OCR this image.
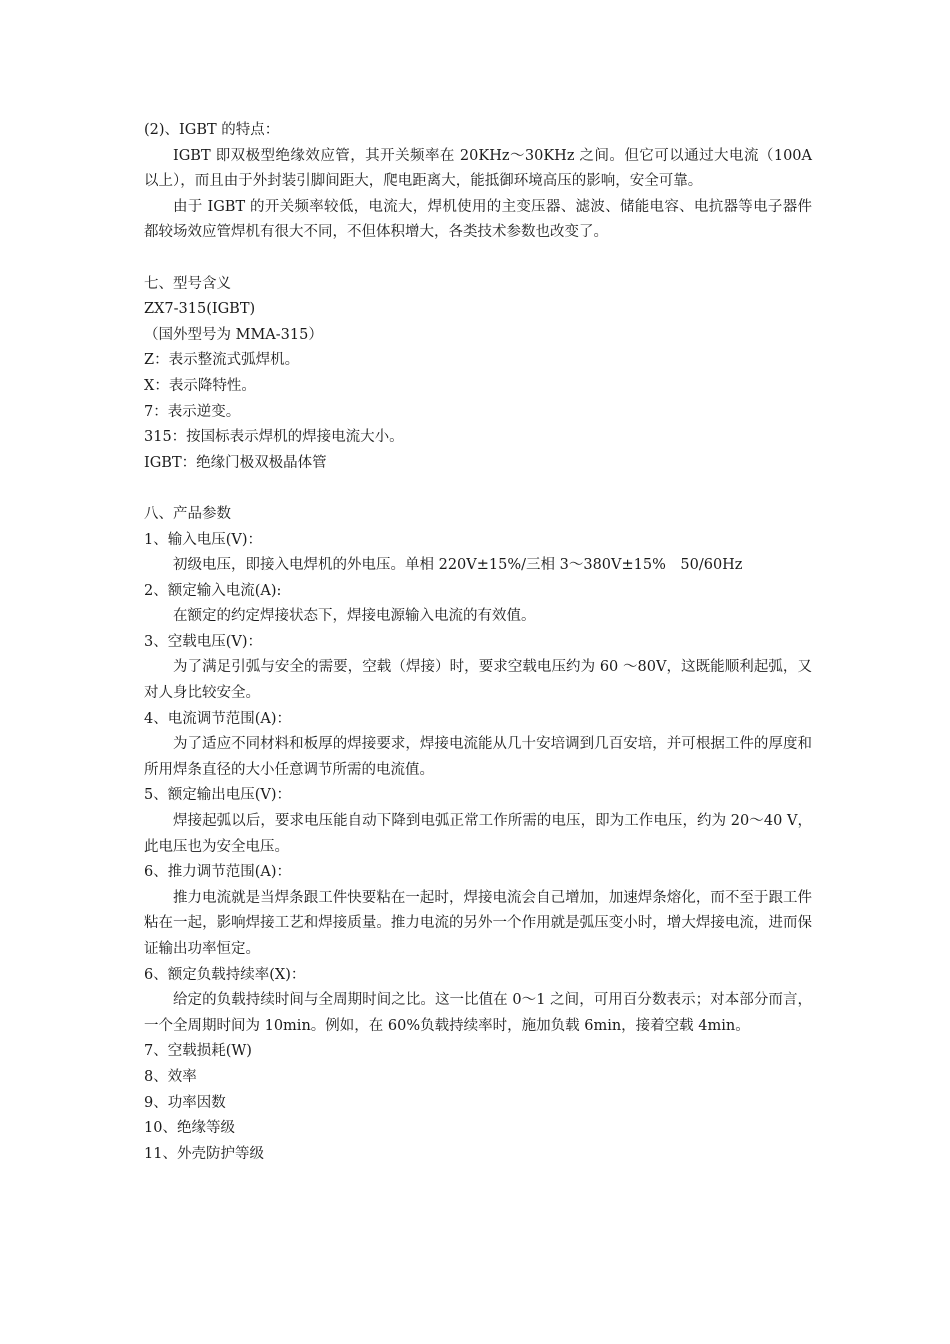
(2)、IGBT 的特点：
IGBT 即双极型绝缘效应管，其开关频率在 20KHz～30KHz 之间。但它可以通过大电流（100A 以上），而且由于外封装引脚间距大，爬电距离大，能抵御环境高压的影响，安全可靠。
由于 IGBT 的开关频率较低，电流大，焊机使用的主变压器、滤波、储能电容、电抗器等电子器件都较场效应管焊机有很大不同，不但体积增大，各类技术参数也改变了。
七、型号含义
ZX7-315(IGBT)
（国外型号为 MMA-315）
Z：表示整流式弧焊机。
X：表示降特性。
7：表示逆变。
315：按国标表示焊机的焊接电流大小。
IGBT：绝缘门极双极晶体管
八、产品参数
1、输入电压(V)：
初级电压，即接入电焊机的外电压。单相 220V±15%/三相 3～380V±15%　50/60Hz
2、额定输入电流(A):
在额定的约定焊接状态下，焊接电源输入电流的有效值。
3、空载电压(V)：
为了满足引弧与安全的需要，空载（焊接）时，要求空载电压约为 60 ～80V，这既能顺利起弧，又对人身比较安全。
4、电流调节范围(A)：
为了适应不同材料和板厚的焊接要求，焊接电流能从几十安培调到几百安培，并可根据工件的厚度和所用焊条直径的大小任意调节所需的电流值。
5、额定输出电压(V)：
焊接起弧以后，要求电压能自动下降到电弧正常工作所需的电压，即为工作电压，约为 20～40 V，此电压也为安全电压。
6、推力调节范围(A)：
推力电流就是当焊条跟工件快要粘在一起时，焊接电流会自己增加，加速焊条熔化，而不至于跟工件粘在一起，影响焊接工艺和焊接质量。推力电流的另外一个作用就是弧压变小时，增大焊接电流，进而保证输出功率恒定。
6、额定负载持续率(X)：
给定的负载持续时间与全周期时间之比。这一比值在 0～1 之间，可用百分数表示；对本部分而言，一个全周期时间为 10min。例如，在 60%负载持续率时，施加负载 6min，接着空载 4min。
7、空载损耗(W)
8、效率
9、功率因数
10、绝缘等级
11、外壳防护等级
